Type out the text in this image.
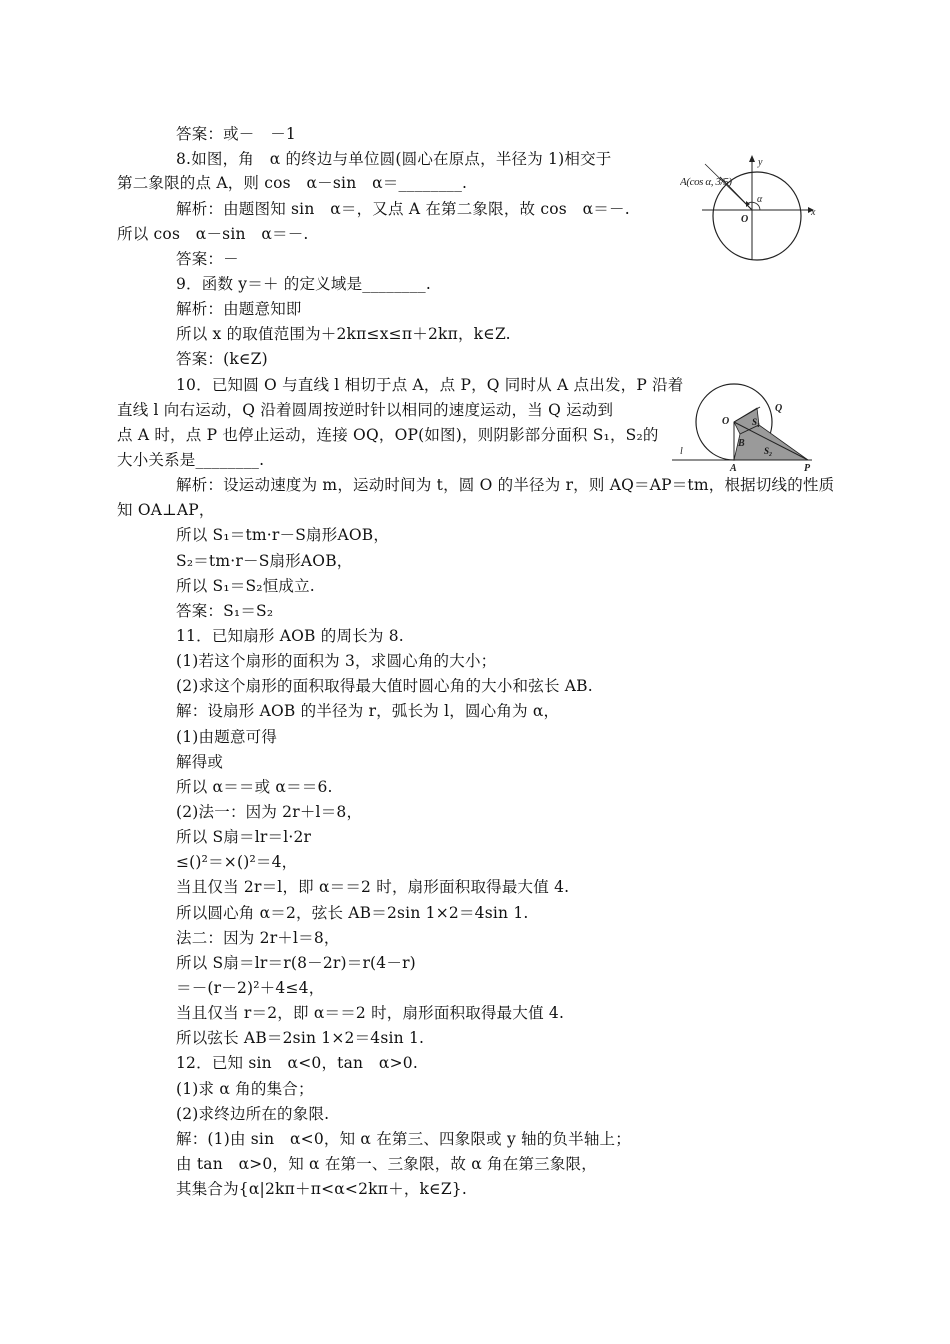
答案：或－　－1
8.如图，角　α 的终边与单位圆(圆心在原点，半径为 1)相交于
第二象限的点 A，则 cos　α－sin　α＝________.
解析：由题图知 sin　α＝，又点 A 在第二象限，故 cos　α＝－.
所以 cos　α－sin　α＝－.
答案：－
9．函数 y＝＋ 的定义域是________.
解析：由题意知即
所以 x 的取值范围为＋2kπ≤x≤π＋2kπ，k∈Z.
答案：(k∈Z)
10．已知圆 O 与直线 l 相切于点 A，点 P，Q 同时从 A 点出发，P 沿着
直线 l 向右运动，Q 沿着圆周按逆时针以相同的速度运动，当 Q 运动到
点 A 时，点 P 也停止运动，连接 OQ，OP(如图)，则阴影部分面积 S₁，S₂的
大小关系是________.
解析：设运动速度为 m，运动时间为 t，圆 O 的半径为 r，则 AQ＝AP＝tm，根据切线的性质
知 OA⊥AP，
所以 S₁＝tm·r－S扇形AOB，
S₂＝tm·r－S扇形AOB，
所以 S₁＝S₂恒成立.
答案：S₁＝S₂
11．已知扇形 AOB 的周长为 8.
(1)若这个扇形的面积为 3，求圆心角的大小；
(2)求这个扇形的面积取得最大值时圆心角的大小和弦长 AB.
解：设扇形 AOB 的半径为 r，弧长为 l，圆心角为 α，
(1)由题意可得
解得或
所以 α＝＝或 α＝＝6.
(2)法一：因为 2r＋l＝8，
所以 S扇＝lr＝l·2r
≤()²＝×()²＝4，
当且仅当 2r＝l，即 α＝＝2 时，扇形面积取得最大值 4.
所以圆心角 α＝2，弦长 AB＝2sin 1×2＝4sin 1.
法二：因为 2r＋l＝8，
所以 S扇＝lr＝r(8－2r)＝r(4－r)
＝－(r－2)²＋4≤4，
当且仅当 r＝2，即 α＝＝2 时，扇形面积取得最大值 4.
所以弦长 AB＝2sin 1×2＝4sin 1.
12．已知 sin　α<0，tan　α>0.
(1)求 α 角的集合；
(2)求终边所在的象限.
解：(1)由 sin　α<0，知 α 在第三、四象限或 y 轴的负半轴上；
由 tan　α>0，知 α 在第一、三象限，故 α 角在第三象限，
其集合为{α|2kπ＋π<α<2kπ＋，k∈Z}.
A(cos α, 3/5)
y
x
O
α
O
Q
S₁
B
S₂
l
A	P
